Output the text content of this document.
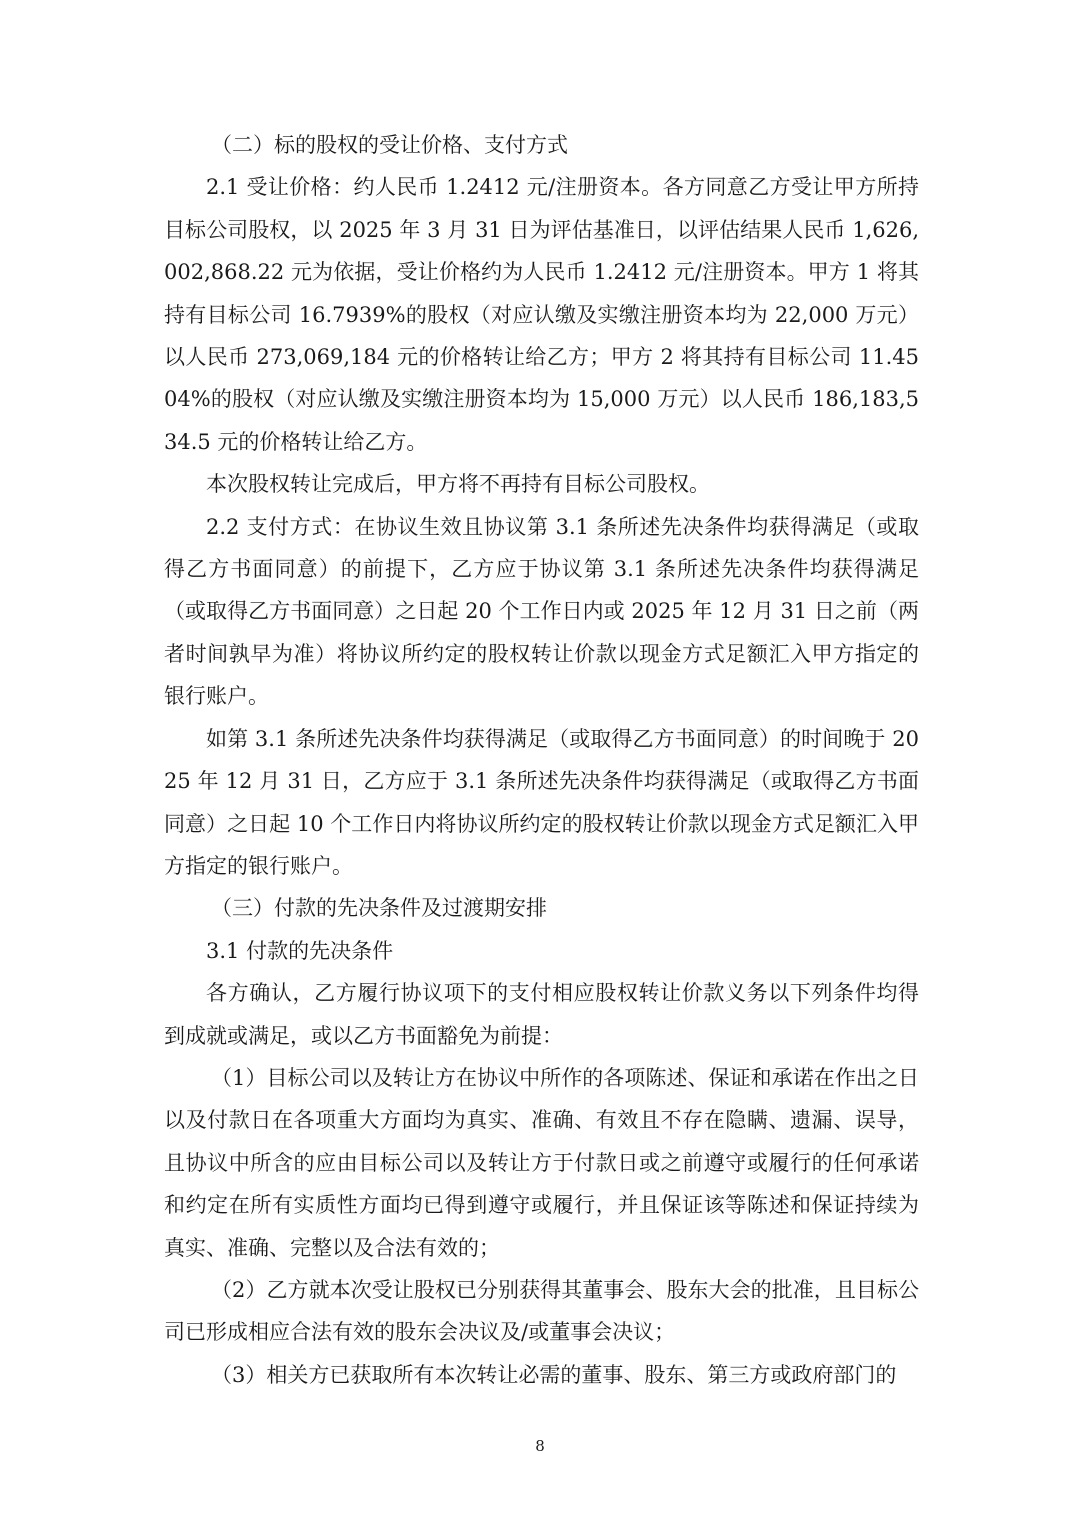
（二）标的股权的受让价格、支付方式

2.1 受让价格：约人民币 1.2412 元/注册资本。各方同意乙方受让甲方所持目标公司股权，以 2025 年 3 月 31 日为评估基准日，以评估结果人民币 1,626,002,868.22 元为依据，受让价格约为人民币 1.2412 元/注册资本。甲方 1 将其持有目标公司 16.7939%的股权（对应认缴及实缴注册资本均为 22,000 万元）以人民币 273,069,184 元的价格转让给乙方；甲方 2 将其持有目标公司 11.4504%的股权（对应认缴及实缴注册资本均为 15,000 万元）以人民币 186,183,534.5 元的价格转让给乙方。

本次股权转让完成后，甲方将不再持有目标公司股权。

2.2 支付方式：在协议生效且协议第 3.1 条所述先决条件均获得满足（或取得乙方书面同意）的前提下，乙方应于协议第 3.1 条所述先决条件均获得满足（或取得乙方书面同意）之日起 20 个工作日内或 2025 年 12 月 31 日之前（两者时间孰早为准）将协议所约定的股权转让价款以现金方式足额汇入甲方指定的银行账户。

如第 3.1 条所述先决条件均获得满足（或取得乙方书面同意）的时间晚于 2025 年 12 月 31 日，乙方应于 3.1 条所述先决条件均获得满足（或取得乙方书面同意）之日起 10 个工作日内将协议所约定的股权转让价款以现金方式足额汇入甲方指定的银行账户。

（三）付款的先决条件及过渡期安排

3.1 付款的先决条件

各方确认，乙方履行协议项下的支付相应股权转让价款义务以下列条件均得到成就或满足，或以乙方书面豁免为前提：

（1）目标公司以及转让方在协议中所作的各项陈述、保证和承诺在作出之日以及付款日在各项重大方面均为真实、准确、有效且不存在隐瞒、遗漏、误导，且协议中所含的应由目标公司以及转让方于付款日或之前遵守或履行的任何承诺和约定在所有实质性方面均已得到遵守或履行，并且保证该等陈述和保证持续为真实、准确、完整以及合法有效的；

（2）乙方就本次受让股权已分别获得其董事会、股东大会的批准，且目标公司已形成相应合法有效的股东会决议及/或董事会决议；

（3）相关方已获取所有本次转让必需的董事、股东、第三方或政府部门的

8
